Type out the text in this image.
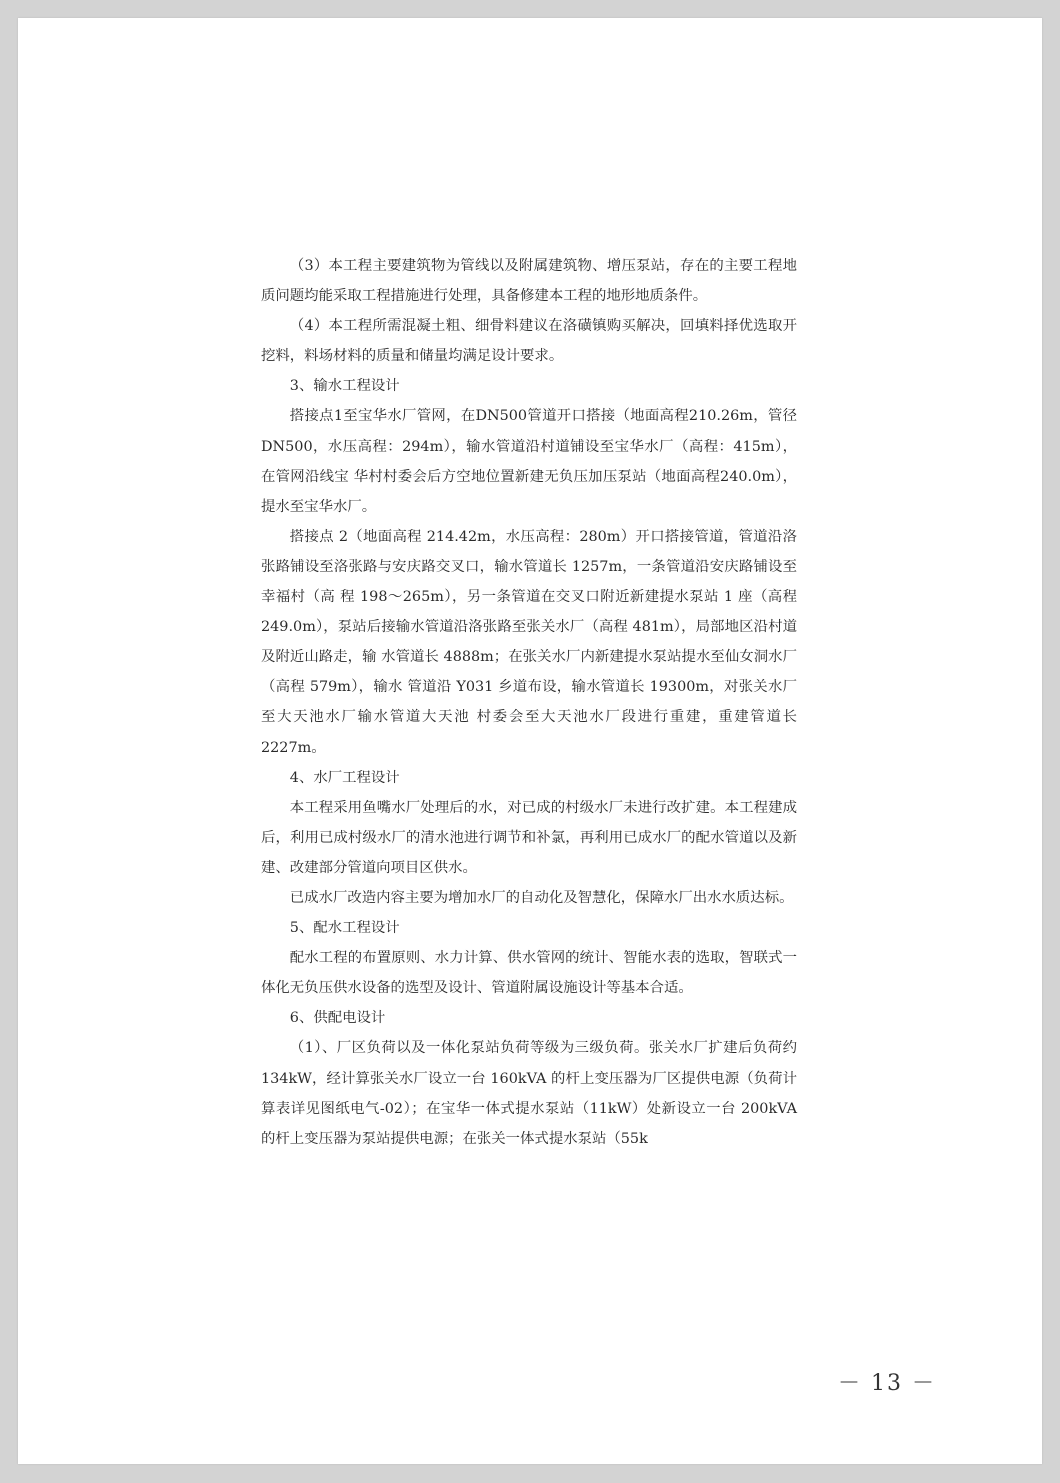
（3）本工程主要建筑物为管线以及附属建筑物、增压泵站，存在的主要工程地质问题均能采取工程措施进行处理，具备修建本工程的地形地质条件。

（4）本工程所需混凝土粗、细骨料建议在洛磺镇购买解决，回填料择优选取开挖料，料场材料的质量和储量均满足设计要求。

3、输水工程设计

搭接点1至宝华水厂管网，在DN500管道开口搭接（地面高程210.26m，管径DN500，水压高程：294m），输水管道沿村道铺设至宝华水厂（高程：415m），在管网沿线宝 华村村委会后方空地位置新建无负压加压泵站（地面高程240.0m），提水至宝华水厂。

搭接点 2（地面高程 214.42m，水压高程：280m）开口搭接管道，管道沿洛张路铺设至洛张路与安庆路交叉口，输水管道长 1257m，一条管道沿安庆路铺设至幸福村（高 程 198～265m），另一条管道在交叉口附近新建提水泵站 1 座（高程 249.0m），泵站后接输水管道沿洛张路至张关水厂（高程 481m），局部地区沿村道及附近山路走，输 水管道长 4888m；在张关水厂内新建提水泵站提水至仙女洞水厂（高程 579m），输水 管道沿 Y031 乡道布设，输水管道长 19300m，对张关水厂至大天池水厂输水管道大天池 村委会至大天池水厂段进行重建，重建管道长 2227m。

4、水厂工程设计

本工程采用鱼嘴水厂处理后的水，对已成的村级水厂未进行改扩建。本工程建成后，利用已成村级水厂的清水池进行调节和补氯，再利用已成水厂的配水管道以及新建、改建部分管道向项目区供水。

已成水厂改造内容主要为增加水厂的自动化及智慧化，保障水厂出水水质达标。

5、配水工程设计

配水工程的布置原则、水力计算、供水管网的统计、智能水表的选取，智联式一体化无负压供水设备的选型及设计、管道附属设施设计等基本合适。

6、供配电设计

（1）、厂区负荷以及一体化泵站负荷等级为三级负荷。张关水厂扩建后负荷约 134kW，经计算张关水厂设立一台 160kVA 的杆上变压器为厂区提供电源（负荷计算表详见图纸电气-02）；在宝华一体式提水泵站（11kW）处新设立一台 200kVA 的杆上变压器为泵站提供电源；在张关一体式提水泵站（55k

－ 13 －
